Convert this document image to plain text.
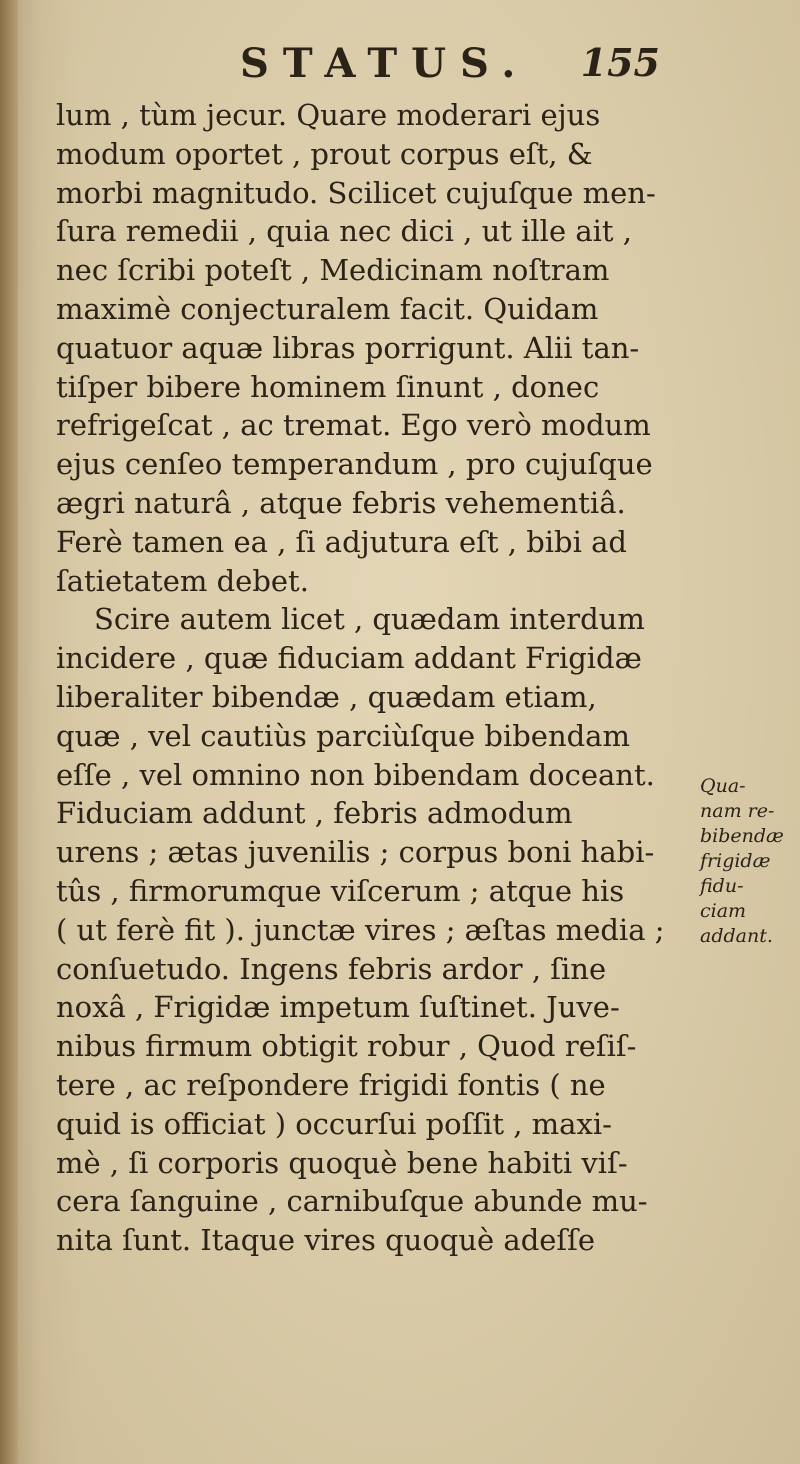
STATUS. 155
lum , tùm jecur. Quare moderari ejus
modum oportet , prout corpus eſt, &
morbi magnitudo. Scilicet cujuſque men-
ſura remedii , quia nec dici , ut ille ait ,
nec ſcribi poteſt , Medicinam noſtram
maximè conjecturalem facit. Quidam
quatuor aquæ libras porrigunt. Alii tan-
tiſper bibere hominem ſinunt , donec
refrigeſcat , ac tremat. Ego verò modum
ejus cenſeo temperandum , pro cujuſque
ægri naturâ , atque febris vehementiâ.
Ferè tamen ea , ſi adjutura eſt , bibi ad
ſatietatem debet.
Scire autem licet , quædam interdum
incidere , quæ fiduciam addant Frigidæ
liberaliter bibendæ , quædam etiam,
quæ , vel cautiùs parciùſque bibendam
eſſe , vel omnino non bibendam doceant.
Fiduciam addunt , febris admodum
urens ; ætas juvenilis ; corpus boni habi-
tûs , firmorumque viſcerum ; atque his
( ut ferè fit ). junctæ vires ; æſtas media ;
conſuetudo. Ingens febris ardor , ſine
noxâ , Frigidæ impetum ſuſtinet. Juve-
nibus firmum obtigit robur , Quod reſiſ-
tere , ac reſpondere frigidi fontis ( ne
quid is officiat ) occurſui poſſit , maxi-
mè , ſi corporis quoquè bene habiti viſ-
cera ſanguine , carnibuſque abunde mu-
nita ſunt. Itaque vires quoquè adeſſe
Qua-
nam re-
bibendæ
frigidæ
fidu-
ciam
addant.
